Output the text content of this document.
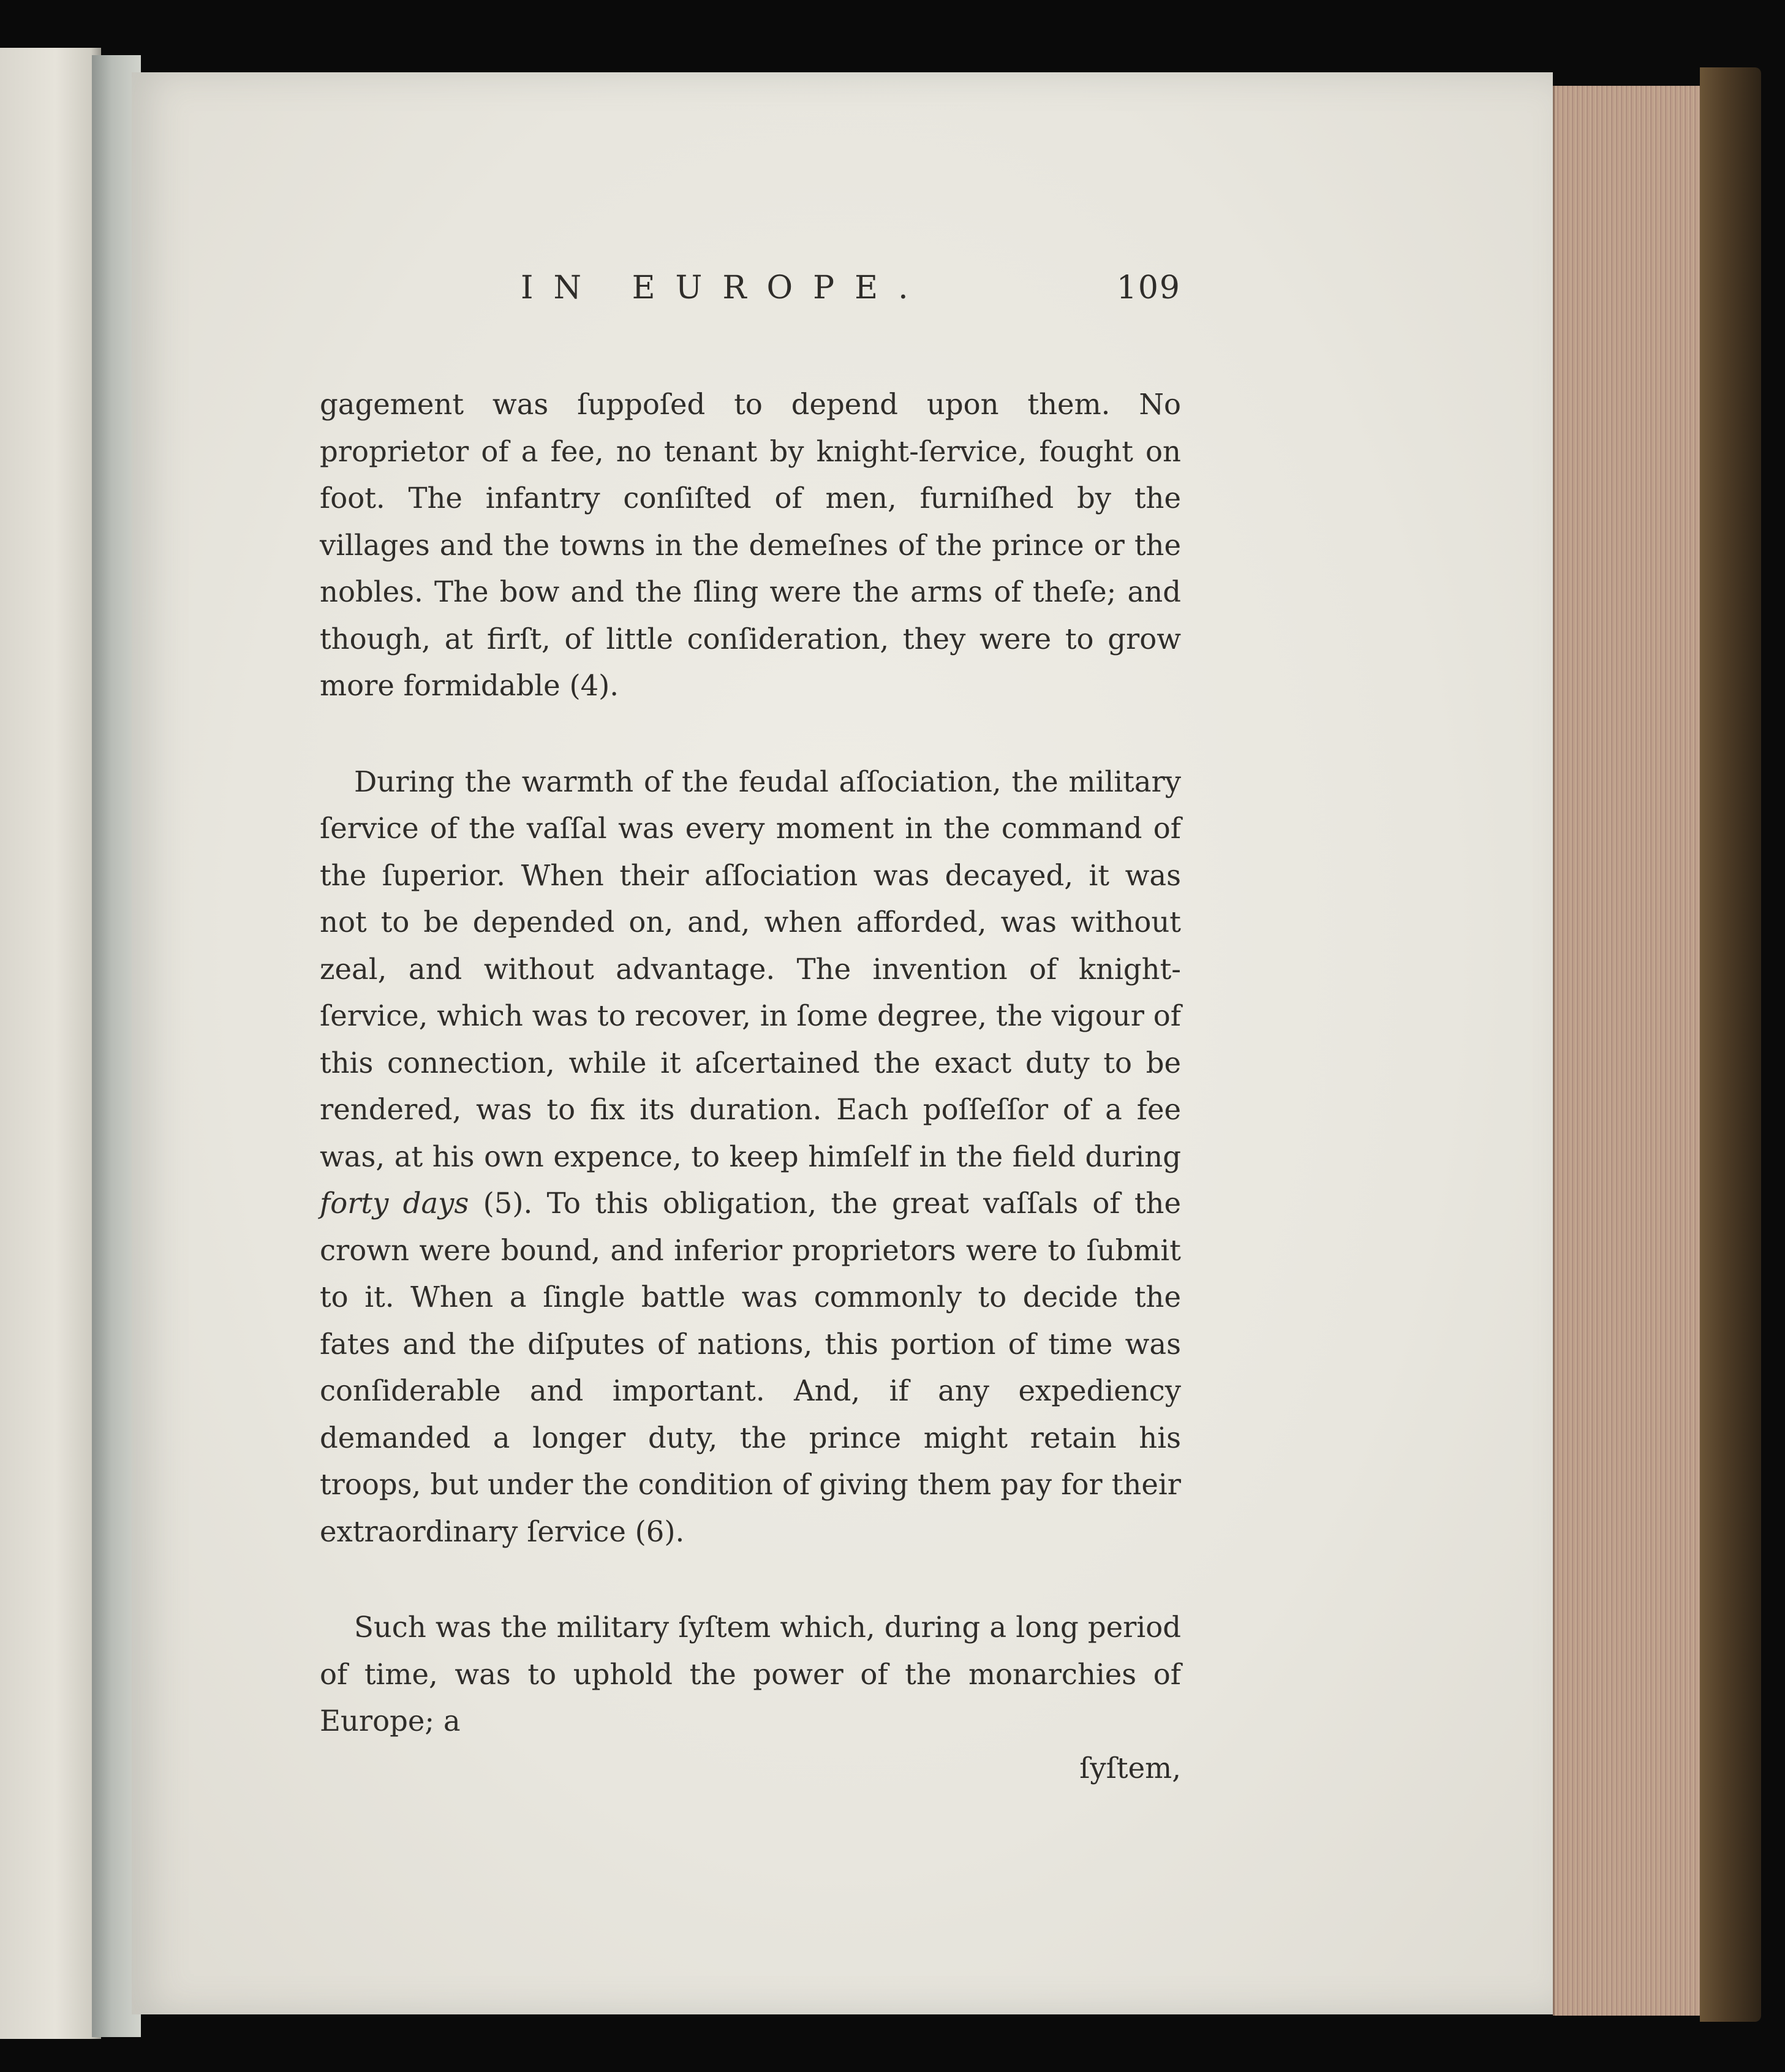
IN EUROPE.	109

gagement was ſuppoſed to depend upon them. No proprietor of a fee, no tenant by knight-ſervice, fought on foot. The infantry conſiſted of men, furniſhed by the villages and the towns in the demeſnes of the prince or the nobles. The bow and the ſling were the arms of theſe; and though, at firſt, of little conſideration, they were to grow more formidable (4).

During the warmth of the feudal aſſociation, the military ſervice of the vaſſal was every moment in the command of the ſuperior. When their aſſociation was decayed, it was not to be depended on, and, when afforded, was without zeal, and without advantage. The invention of knight-ſervice, which was to recover, in ſome degree, the vigour of this connection, while it aſcertained the exact duty to be rendered, was to fix its duration. Each poſſeſſor of a fee was, at his own expence, to keep himſelf in the field during forty days (5). To this obligation, the great vaſſals of the crown were bound, and inferior proprietors were to ſubmit to it. When a ſingle battle was commonly to decide the fates and the diſputes of nations, this portion of time was conſiderable and important. And, if any expediency demanded a longer duty, the prince might retain his troops, but under the condition of giving them pay for their extraordinary ſervice (6).

Such was the military ſyſtem which, during a long period of time, was to uphold the power of the monarchies of Europe; a

ſyſtem,
